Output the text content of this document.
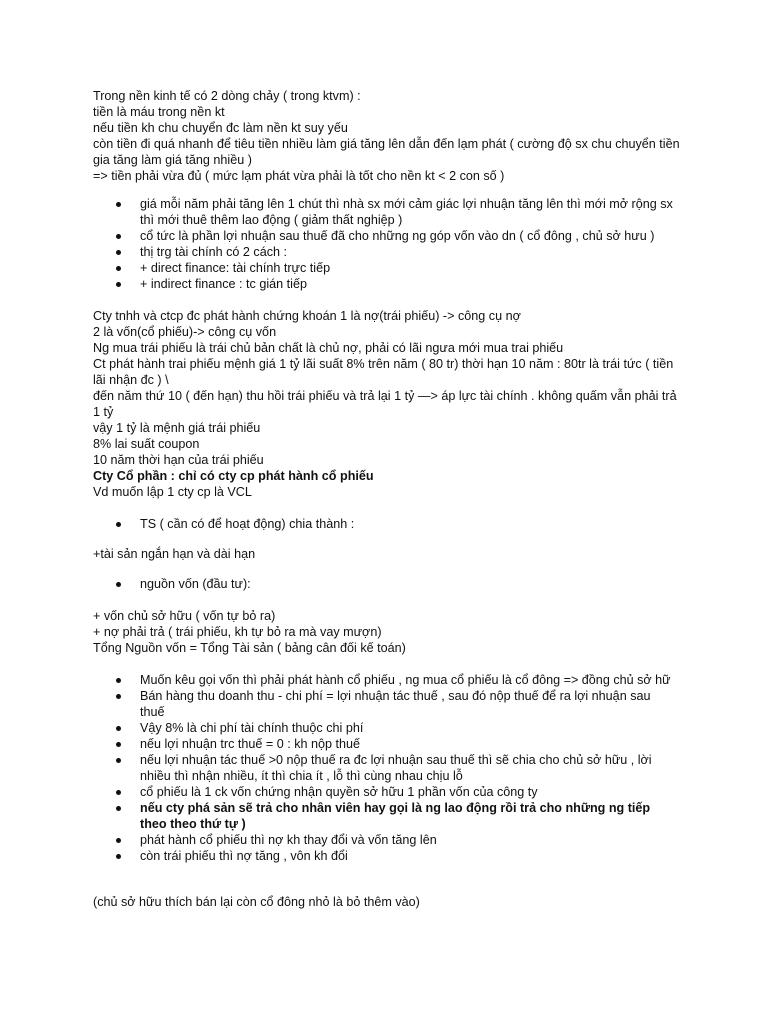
Trong nền kinh tế có 2 dòng chảy ( trong ktvm) :
tiền là máu trong nền kt
nếu tiền kh chu chuyển đc làm nền kt suy yếu
còn tiền đi quá nhanh để tiêu tiền nhiều làm giá tăng lên dẫn đến lạm phát ( cường độ sx chu chuyển tiền gia tăng làm giá tăng nhiều )
=> tiền phải vừa đủ ( mức lạm phát vừa phải là tốt cho nền kt < 2 con số )
giá mỗi năm phải tăng lên 1 chút thì nhà sx mới cảm giác lợi nhuận tăng lên thì mới mở rộng sx thì mới thuê thêm lao động ( giảm thất nghiệp )
cổ tức là phần lợi nhuận sau thuế đã cho những ng góp vốn vào dn ( cổ đông , chủ sở hưu )
thị trg tài chính có 2 cách :
+ direct finance: tài chính trực tiếp
+ indirect finance : tc gián tiếp
Cty tnhh và ctcp đc phát hành chứng khoán 1 là nợ(trái phiếu) -> công cụ nợ
2 là vốn(cổ phiếu)-> công cụ vốn
Ng mua trái phiếu là trái chủ bản chất là chủ nợ, phải có lãi ngưa mới mua trai phiếu
Ct phát hành trai phiếu mệnh giá 1 tỷ lãi suất 8% trên năm ( 80 tr) thời hạn 10 năm : 80tr là trái tức ( tiền lãi nhận đc ) \
đến năm thứ 10 ( đến hạn) thu hồi trái phiếu và trả lại 1 tỷ —> áp lực tài chính . không quấm vẫn phải trả 1 tỷ
vậy 1 tỷ là mệnh giá trái phiếu
8% lai suất coupon
10 năm thời hạn của trái phiếu
Cty Cổ phần : chỉ có cty cp phát hành cổ phiếu
Vd muốn lập 1 cty cp là VCL
TS ( cần có để hoạt động) chia thành :
+tài sản ngắn hạn và dài hạn
nguồn vốn (đầu tư):
+ vốn chủ sở hữu ( vốn tự bỏ ra)
+ nợ phải trả ( trái phiếu, kh tự bỏ ra mà vay mượn)
Tổng Nguồn vốn = Tổng Tài sản ( bảng cân đối kế toán)
Muốn kêu gọi vốn thì phải phát hành cổ phiếu , ng mua cổ phiếu là cổ đông => đồng chủ sở hữ
Bán hàng thu doanh thu - chi phí = lợi nhuận tác thuế , sau đó nộp thuế để ra lợi nhuận sau thuế
Vậy 8% là chi phí tài chính thuộc chi phí
nếu lợi nhuận trc thuế = 0 : kh nộp thuế
nếu lợi nhuận tác thuế >0 nộp thuế ra đc lợi nhuận sau thuế thì sẽ chia cho chủ sở hữu , lời nhiều thì nhận nhiều, ít thì chia ít , lỗ thì cùng nhau chịu lỗ
cổ phiếu là 1 ck vốn chứng nhận quyền sở hữu 1 phần vốn của công ty
nếu cty phá sản sẽ trả cho nhân viên hay gọi là ng lao động rồi trả cho những ng tiếp theo theo thứ tự )
phát hành cổ phiếu thì nợ kh thay đổi và vốn tăng lên
còn trái phiếu thì nợ tăng , vôn kh đổi
(chủ sở hữu thích bán lại còn cổ đông nhỏ là bỏ thêm vào)
